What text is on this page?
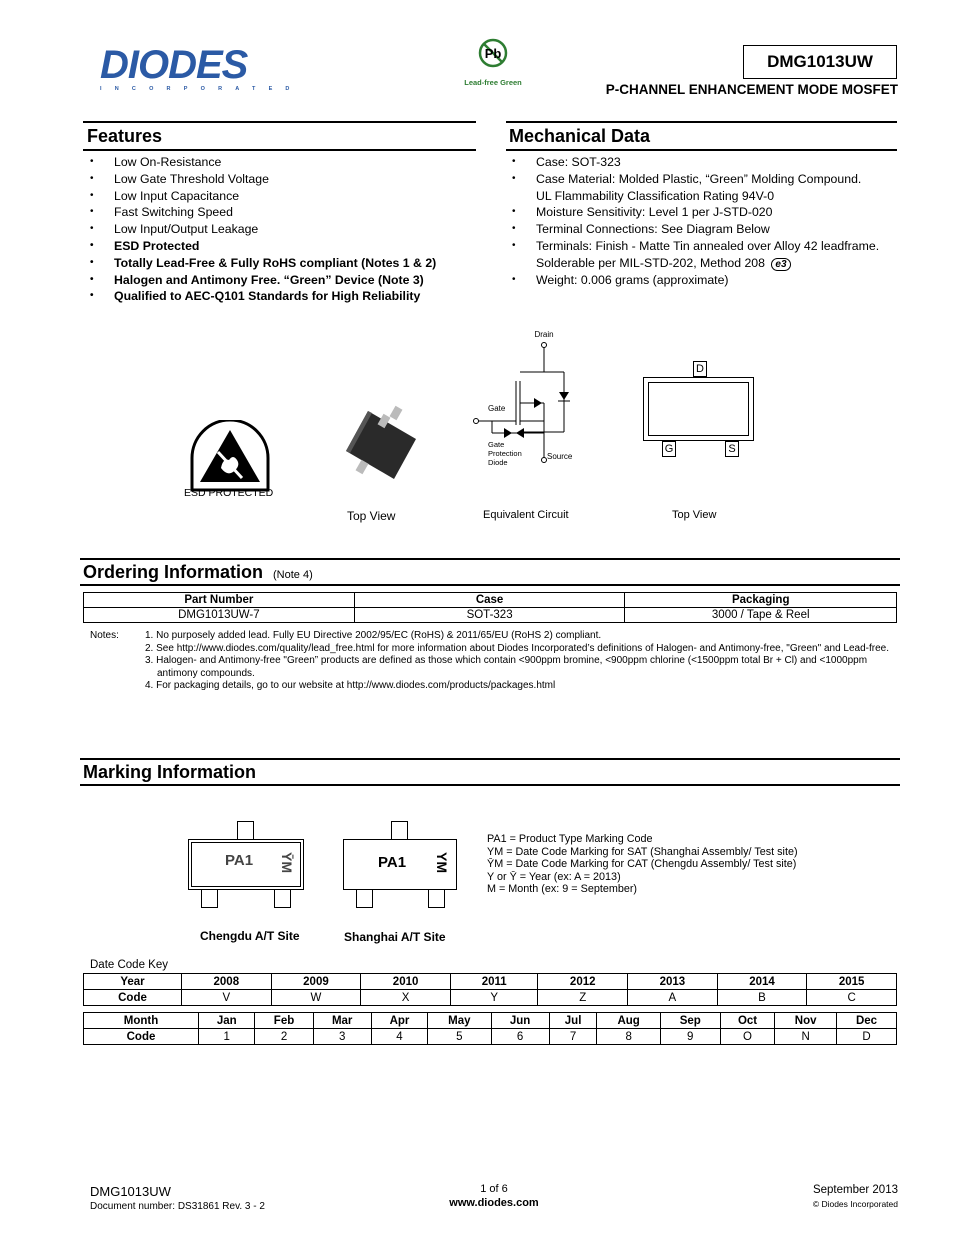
DIODES
INCORPORATED
Pb
Lead-free Green
DMG1013UW
P-CHANNEL ENHANCEMENT MODE MOSFET
Features
• Low On-Resistance
• Low Gate Threshold Voltage
• Low Input Capacitance
• Fast Switching Speed
• Low Input/Output Leakage
• ESD Protected
• Totally Lead-Free & Fully RoHS compliant (Notes 1 & 2)
• Halogen and Antimony Free. “Green” Device (Note 3)
• Qualified to AEC-Q101 Standards for High Reliability
Mechanical Data
• Case: SOT-323
• Case Material: Molded Plastic, “Green” Molding Compound.
UL Flammability Classification Rating 94V-0
• Moisture Sensitivity: Level 1 per J-STD-020
• Terminal Connections: See Diagram Below
• Terminals: Finish - Matte Tin annealed over Alloy 42 leadframe.
Solderable per MIL-STD-202, Method 208 e3
• Weight: 0.006 grams (approximate)
ESD PROTECTED
Top View
Drain
Gate
Gate
Protection
Diode
Source
Equivalent Circuit
D
G	S
Top View
Ordering Information (Note 4)
Part Number	Case	Packaging
DMG1013UW-7	SOT-323	3000 / Tape & Reel
Notes:	1. No purposely added lead. Fully EU Directive 2002/95/EC (RoHS) & 2011/65/EU (RoHS 2) compliant.
2. See http://www.diodes.com/quality/lead_free.html for more information about Diodes Incorporated’s definitions of Halogen- and Antimony-free, "Green" and Lead-free.
3. Halogen- and Antimony-free "Green” products are defined as those which contain <900ppm bromine, <900ppm chlorine (<1500ppm total Br + Cl) and <1000ppm antimony compounds.
4. For packaging details, go to our website at http://www.diodes.com/products/packages.html
Marking Information
PA1 ȲM
Chengdu A/T Site
PA1 YM
Shanghai A/T Site
PA1 = Product Type Marking Code
YM = Date Code Marking for SAT (Shanghai Assembly/ Test site)
ȲM = Date Code Marking for CAT (Chengdu Assembly/ Test site)
Y or Ȳ = Year (ex: A = 2013)
M = Month (ex: 9 = September)
Date Code Key
Year	2008	2009	2010	2011	2012	2013	2014	2015
Code	V	W	X	Y	Z	A	B	C
Month	Jan	Feb	Mar	Apr	May	Jun	Jul	Aug	Sep	Oct	Nov	Dec
Code	1	2	3	4	5	6	7	8	9	O	N	D
DMG1013UW
Document number: DS31861 Rev. 3 - 2
1 of 6
www.diodes.com
September 2013
© Diodes Incorporated
